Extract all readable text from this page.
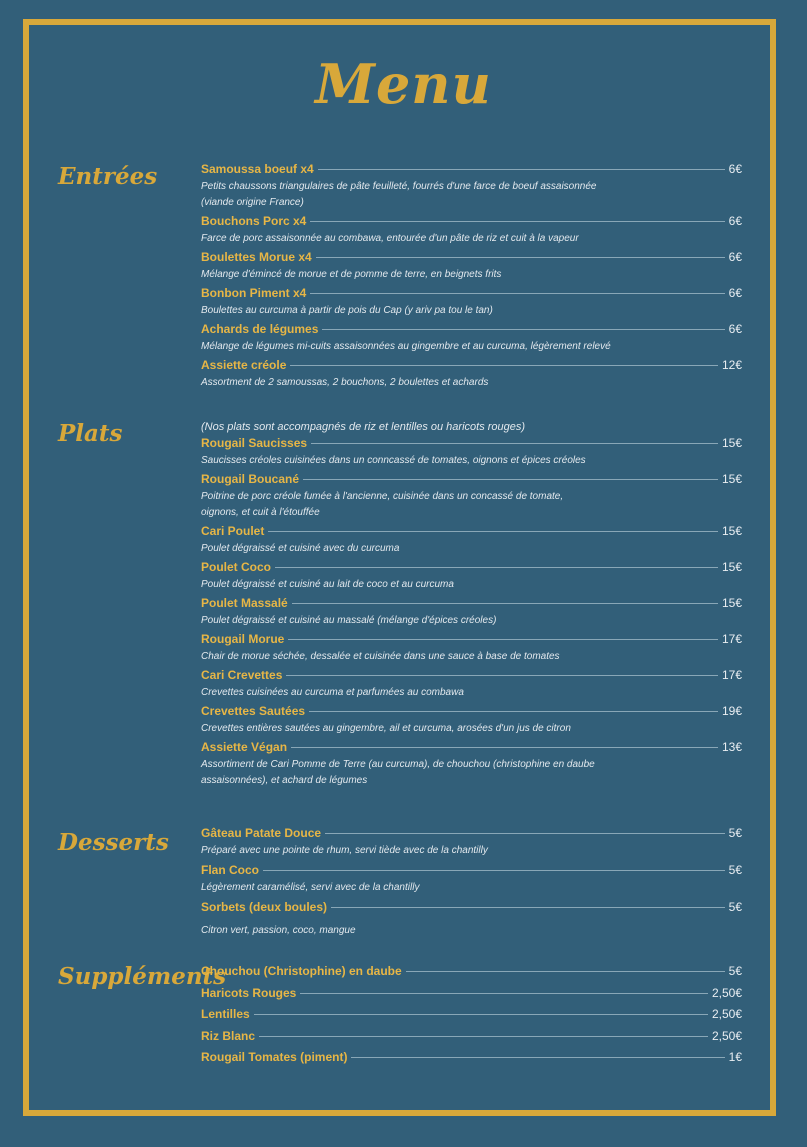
Menu
Entrées	Samoussa boeuf x4	6€
Petits chaussons triangulaires de pâte feuilleté, fourrés d'une farce de boeuf assaisonnée
(viande origine France)
Bouchons Porc x4	6€
Farce de porc assaisonnée au combawa, entourée d'un pâte de riz et cuit à la vapeur
Boulettes Morue x4	6€
Mélange d'émincé de morue et de pomme de terre, en beignets frits
Bonbon Piment x4	6€
Boulettes au curcuma à partir de pois du Cap (y ariv pa tou le tan)
Achards de légumes	6€
Mélange de légumes mi-cuits assaisonnées au gingembre et au curcuma, légèrement relevé
Assiette créole	12€
Assortment de 2 samoussas, 2 bouchons, 2 boulettes et achards
Plats	(Nos plats sont accompagnés de riz et lentilles ou haricots rouges)
Rougail Saucisses	15€
Saucisses créoles cuisinées dans un conncassé de tomates, oignons et épices créoles
Rougail Boucané	15€
Poitrine de porc créole fumée à l'ancienne, cuisinée dans un concassé de tomate,
oignons, et cuit à l'étouffée
Cari Poulet	15€
Poulet dégraissé et cuisiné avec du curcuma
Poulet Coco	15€
Poulet dégraissé et cuisiné au lait de coco et au curcuma
Poulet Massalé	15€
Poulet dégraissé et cuisiné au massalé (mélange d'épices créoles)
Rougail Morue	17€
Chair de morue séchée, dessalée et cuisinée dans une sauce à base de tomates
Cari Crevettes	17€
Crevettes cuisinées au curcuma et parfumées au combawa
Crevettes Sautées	19€
Crevettes entières sautées au gingembre, ail et curcuma, arosées d'un jus de citron
Assiette Végan	13€
Assortiment de Cari Pomme de Terre (au curcuma), de chouchou (christophine en daube
assaisonnées), et achard de légumes
Desserts	Gâteau Patate Douce	5€
Préparé avec une pointe de rhum, servi tiède avec de la chantilly
Flan Coco	5€
Légèrement caramélisé, servi avec de la chantilly
Sorbets (deux boules)	5€
Citron vert, passion, coco, mangue
Suppléments
Chouchou (Christophine) en daube	5€
Haricots Rouges	2,50€
Lentilles	2,50€
Riz Blanc	2,50€
Rougail Tomates (piment)	1€
